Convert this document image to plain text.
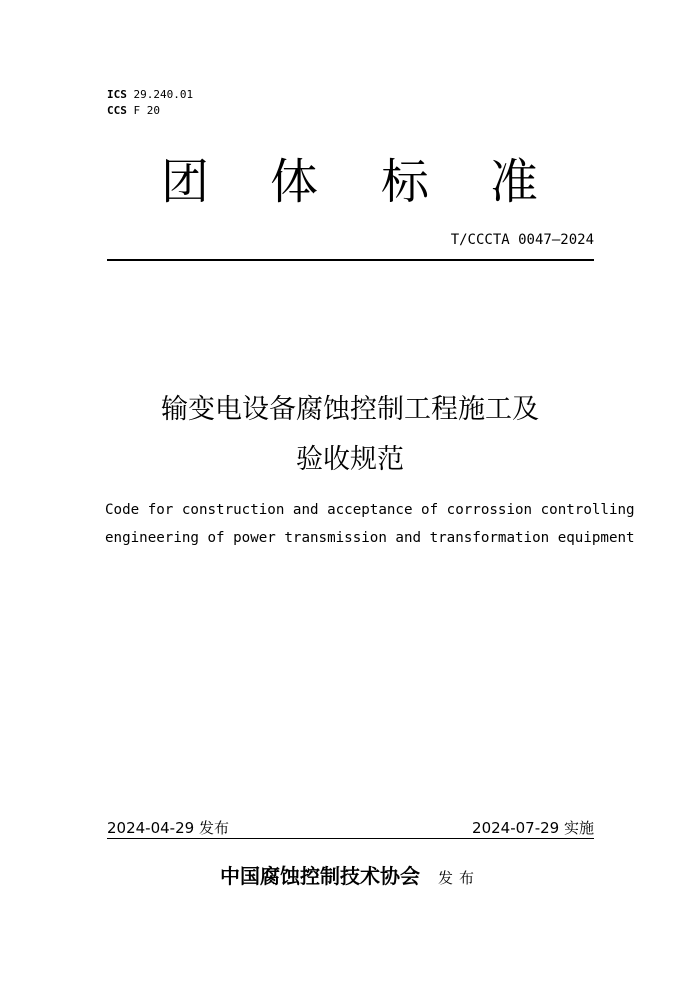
ICS 29.240.01
CCS F 20
团 体 标 准
T/CCCTA 0047—2024
输变电设备腐蚀控制工程施工及
验收规范
Code for construction and acceptance of corrossion controlling
engineering of power transmission and transformation equipment
2024-04-29 发布	2024-07-29 实施
中国腐蚀控制技术协会 发布
